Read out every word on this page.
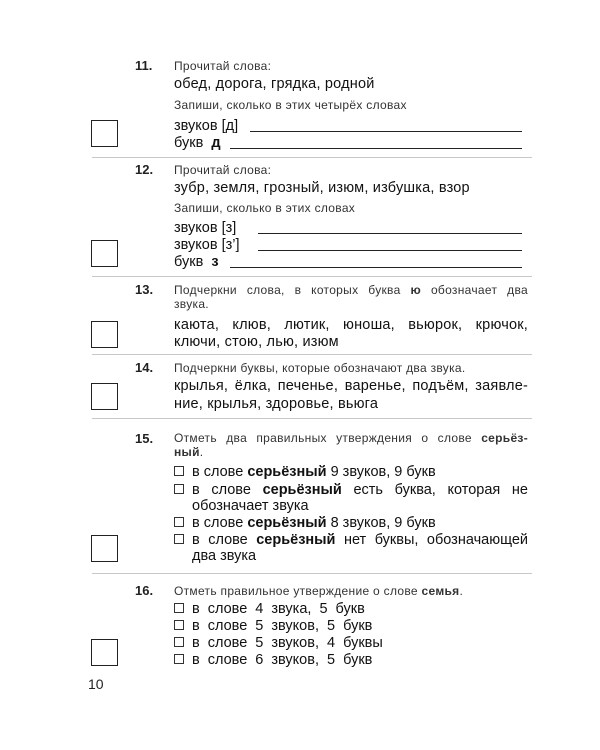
11. Прочитай слова:
обед, дорога, грядка, родной
Запиши, сколько в этих четырёх словах
звуков [д]
букв д
12. Прочитай слова:
зубр, земля, грозный, изюм, избушка, взор
Запиши, сколько в этих словах
звуков [з]
звуков [з’]
букв з
13. Подчеркни слова, в которых буква ю обозначает два
звука.
каюта, клюв, лютик, юноша, вьюрок, крючок,
ключи, стою, лью, изюм
14. Подчеркни буквы, которые обозначают два звука.
крылья, ёлка, печенье, варенье, подъём, заявле-
ние, крылья, здоровье, вьюга
15. Отметь два правильных утверждения о слове серьёз-
ный.
в слове серьёзный 9 звуков, 9 букв
в слове серьёзный есть буква, которая не
обозначает звука
в слове серьёзный 8 звуков, 9 букв
в слове серьёзный нет буквы, обозначающей
два звука
16. Отметь правильное утверждение о слове семья.
в слове 4 звука, 5 букв
в слове 5 звуков, 5 букв
в слове 5 звуков, 4 буквы
в слове 6 звуков, 5 букв
10
